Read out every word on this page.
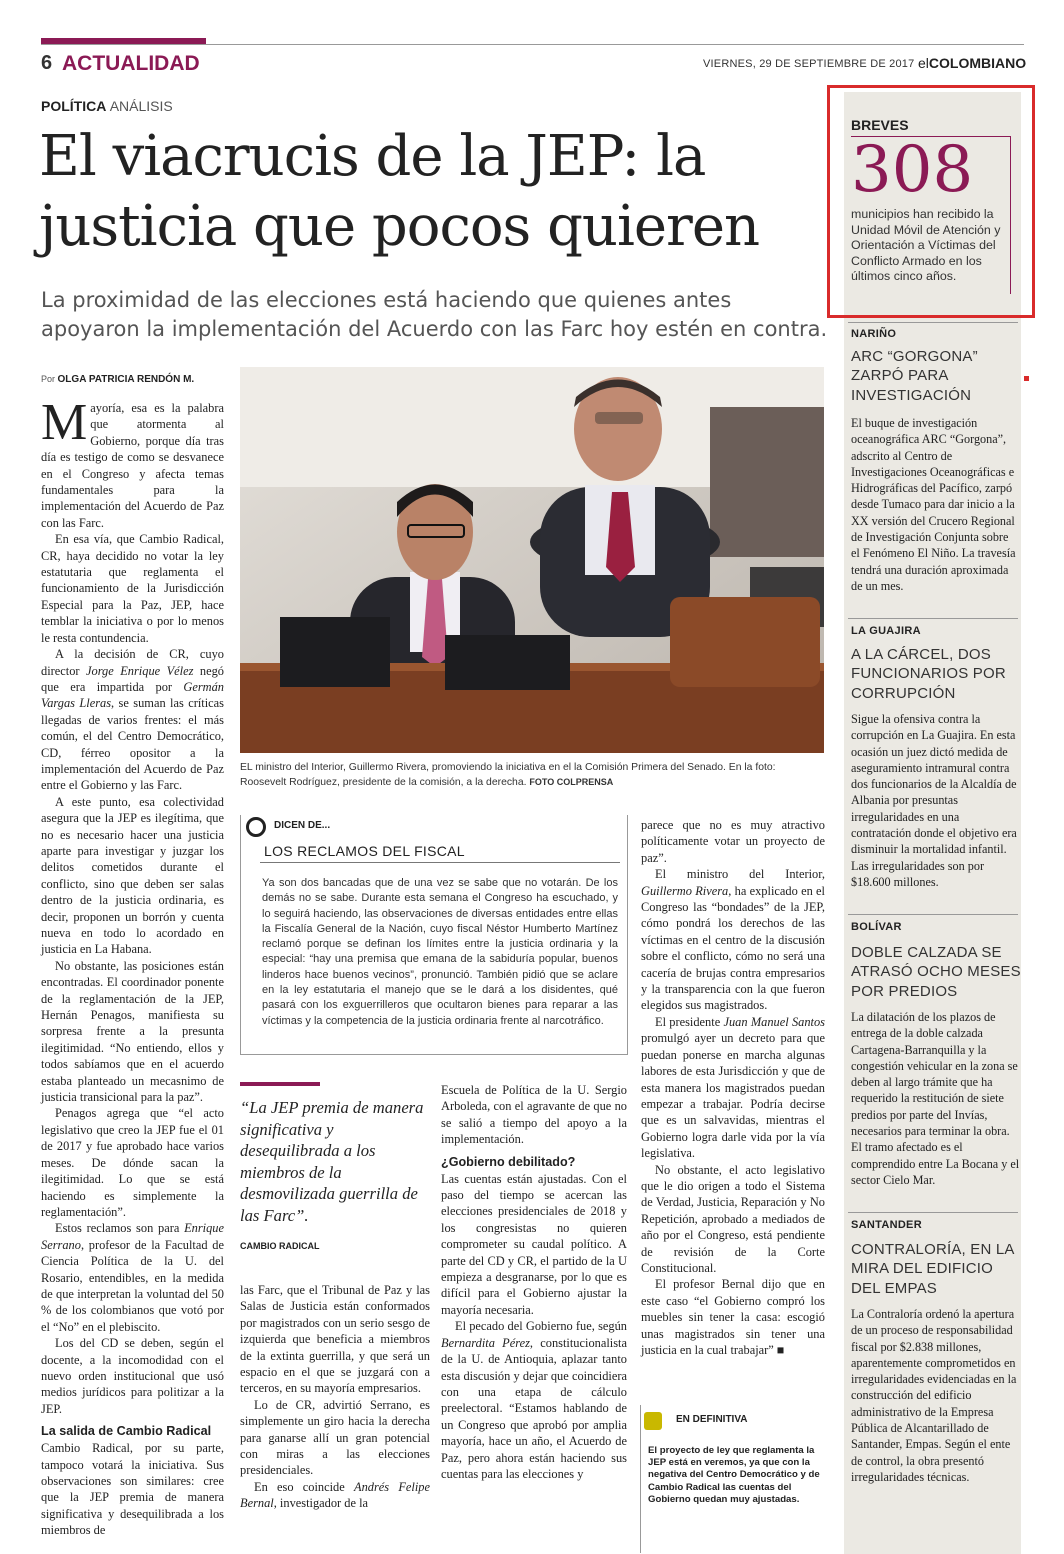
6 ACTUALIDAD	VIERNES, 29 DE SEPTIEMBRE DE 2017 elCOLOMBIANO
POLÍTICA ANÁLISIS
El viacrucis de la JEP: la justicia que pocos quieren
La proximidad de las elecciones está haciendo que quienes antes apoyaron la implementación del Acuerdo con las Farc hoy estén en contra.
Por OLGA PATRICIA RENDÓN M.

Mayoría, esa es la palabra que atormenta al Gobierno, porque día tras día es testigo de como se desvanece en el Congreso y afecta temas fundamentales para la implementación del Acuerdo de Paz con las Farc.

En esa vía, que Cambio Radical, CR, haya decidido no votar la ley estatutaria que reglamenta el funcionamiento de la Jurisdicción Especial para la Paz, JEP, hace temblar la iniciativa o por lo menos le resta contundencia.

A la decisión de CR, cuyo director Jorge Enrique Vélez negó que era impartida por Germán Vargas Lleras, se suman las críticas llegadas de varios frentes: el más común, el del Centro Democrático, CD, férreo opositor a la implementación del Acuerdo de Paz entre el Gobierno y las Farc.

A este punto, esa colectividad asegura que la JEP es ilegítima, que no es necesario hacer una justicia aparte para investigar y juzgar los delitos cometidos durante el conflicto, sino que deben ser salas dentro de la justicia ordinaria, es decir, proponen un borrón y cuenta nueva en todo lo acordado en justicia en La Habana.

No obstante, las posiciones están encontradas. El coordinador ponente de la reglamentación de la JEP, Hernán Penagos, manifiesta su sorpresa frente a la presunta ilegitimidad. “No entiendo, ellos y todos sabíamos que en el acuerdo estaba planteado un mecasnimo de justicia transicional para la paz”.

Penagos agrega que “el acto legislativo que creo la JEP fue el 01 de 2017 y fue aprobado hace varios meses. De dónde sacan la ilegitimidad. Lo que se está haciendo es simplemente la reglamentación”.

Estos reclamos son para Enrique Serrano, profesor de la Facultad de Ciencia Política de la U. del Rosario, entendibles, en la medida de que interpretan la voluntad del 50 % de los colombianos que votó por el “No” en el plebiscito.

Los del CD se deben, según el docente, a la incomodidad con el nuevo orden institucional que usó medios jurídicos para politizar a la JEP.

La salida de Cambio Radical

Cambio Radical, por su parte, tampoco votará la iniciativa. Sus observaciones son similares: cree que la JEP premia de manera significativa y desequilibrada a los miembros de

EL ministro del Interior, Guillermo Rivera, promoviendo la iniciativa en el la Comisión Primera del Senado. En la foto: Roosevelt Rodríguez, presidente de la comisión, a la derecha. FOTO COLPRENSA
DICEN DE...
LOS RECLAMOS DEL FISCAL
Ya son dos bancadas que de una vez se sabe que no votarán. De los demás no se sabe. Durante esta semana el Congreso ha escuchado, y lo seguirá haciendo, las observaciones de diversas entidades entre ellas la Fiscalía General de la Nación, cuyo fiscal Néstor Humberto Martínez reclamó porque se definan los límites entre la justicia ordinaria y la especial: “hay una premisa que emana de la sabiduría popular, buenos linderos hace buenos vecinos”, pronunció. También pidió que se aclare en la ley estatutaria el manejo que se le dará a los disidentes, qué pasará con los exguerrilleros que ocultaron bienes para reparar a las víctimas y la competencia de la justicia ordinaria frente al narcotráfico.
“La JEP premia de manera significativa y desequilibrada a los miembros de la desmovilizada guerrilla de las Farc”.
CAMBIO RADICAL

las Farc, que el Tribunal de Paz y las Salas de Justicia están conformados por magistrados con un serio sesgo de izquierda que beneficia a miembros de la extinta guerrilla, y que será un espacio en el que se juzgará con a terceros, en su mayoría empresarios.

Lo de CR, advirtió Serrano, es simplemente un giro hacia la derecha para ganarse allí un gran potencial con miras a las elecciones presidenciales.

En eso coincide Andrés Felipe Bernal, investigador de la

Escuela de Política de la U. Sergio Arboleda, con el agravante de que no se salió a tiempo del apoyo a la implementación.

¿Gobierno debilitado?

Las cuentas están ajustadas. Con el paso del tiempo se acercan las elecciones presidenciales de 2018 y los congresistas no quieren comprometer su caudal político. A parte del CD y CR, el partido de la U empieza a desgranarse, por lo que es difícil para el Gobierno ajustar la mayoría necesaria.

El pecado del Gobierno fue, según Bernardita Pérez, constitucionalista de la U. de Antioquia, aplazar tanto esta discusión y dejar que coincidiera con una etapa de cálculo preelectoral. “Estamos hablando de un Congreso que aprobó por amplia mayoría, hace un año, el Acuerdo de Paz, pero ahora están haciendo sus cuentas para las elecciones y

parece que no es muy atractivo políticamente votar un proyecto de paz”.

El ministro del Interior, Guillermo Rivera, ha explicado en el Congreso las “bondades” de la JEP, cómo pondrá los derechos de las víctimas en el centro de la discusión sobre el conflicto, cómo no será una cacería de brujas contra empresarios y la transparencia con la que fueron elegidos sus magistrados.

El presidente Juan Manuel Santos promulgó ayer un decreto para que puedan ponerse en marcha algunas labores de esta Jurisdicción y que de esta manera los magistrados puedan empezar a trabajar. Podría decirse que es un salvavidas, mientras el Gobierno logra darle vida por la vía legislativa.

No obstante, el acto legislativo que le dio origen a todo el Sistema de Verdad, Justicia, Reparación y No Repetición, aprobado a mediados de año por el Congreso, está pendiente de revisión de la Corte Constitucional.

El profesor Bernal dijo que en este caso “el Gobierno compró los muebles sin tener la casa: escogió unas magistrados sin tener una justicia en la cual trabajar” ■

EN DEFINITIVA
El proyecto de ley que reglamenta la JEP está en veremos, ya que con la negativa del Centro Democrático y de Cambio Radical las cuentas del Gobierno quedan muy ajustadas.
BREVES
308
municipios han recibido la Unidad Móvil de Atención y Orientación a Víctimas del Conflicto Armado en los últimos cinco años.
NARIÑO
ARC “GORGONA” ZARPÓ PARA INVESTIGACIÓN
El buque de investigación oceanográfica ARC “Gorgona”, adscrito al Centro de Investigaciones Oceanográficas e Hidrográficas del Pacífico, zarpó desde Tumaco para dar inicio a la XX versión del Crucero Regional de Investigación Conjunta sobre el Fenómeno El Niño. La travesía tendrá una duración aproximada de un mes.
LA GUAJIRA
A LA CÁRCEL, DOS FUNCIONARIOS POR CORRUPCIÓN
Sigue la ofensiva contra la corrupción en La Guajira. En esta ocasión un juez dictó medida de aseguramiento intramural contra dos funcionarios de la Alcaldía de Albania por presuntas irregularidades en una contratación donde el objetivo era disminuir la mortalidad infantil. Las irregularidades son por $18.600 millones.
BOLÍVAR
DOBLE CALZADA SE ATRASÓ OCHO MESES POR PREDIOS
La dilatación de los plazos de entrega de la doble calzada Cartagena-Barranquilla y la congestión vehicular en la zona se deben al largo trámite que ha requerido la restitución de siete predios por parte del Invías, necesarios para terminar la obra. El tramo afectado es el comprendido entre La Bocana y el sector Cielo Mar.
SANTANDER
CONTRALORÍA, EN LA MIRA DEL EDIFICIO DEL EMPAS
La Contraloría ordenó la apertura de un proceso de responsabilidad fiscal por $2.838 millones, aparentemente comprometidos en irregularidades evidenciadas en la construcción del edificio administrativo de la Empresa Pública de Alcantarillado de Santander, Empas. Según el ente de control, la obra presentó irregularidades técnicas.
